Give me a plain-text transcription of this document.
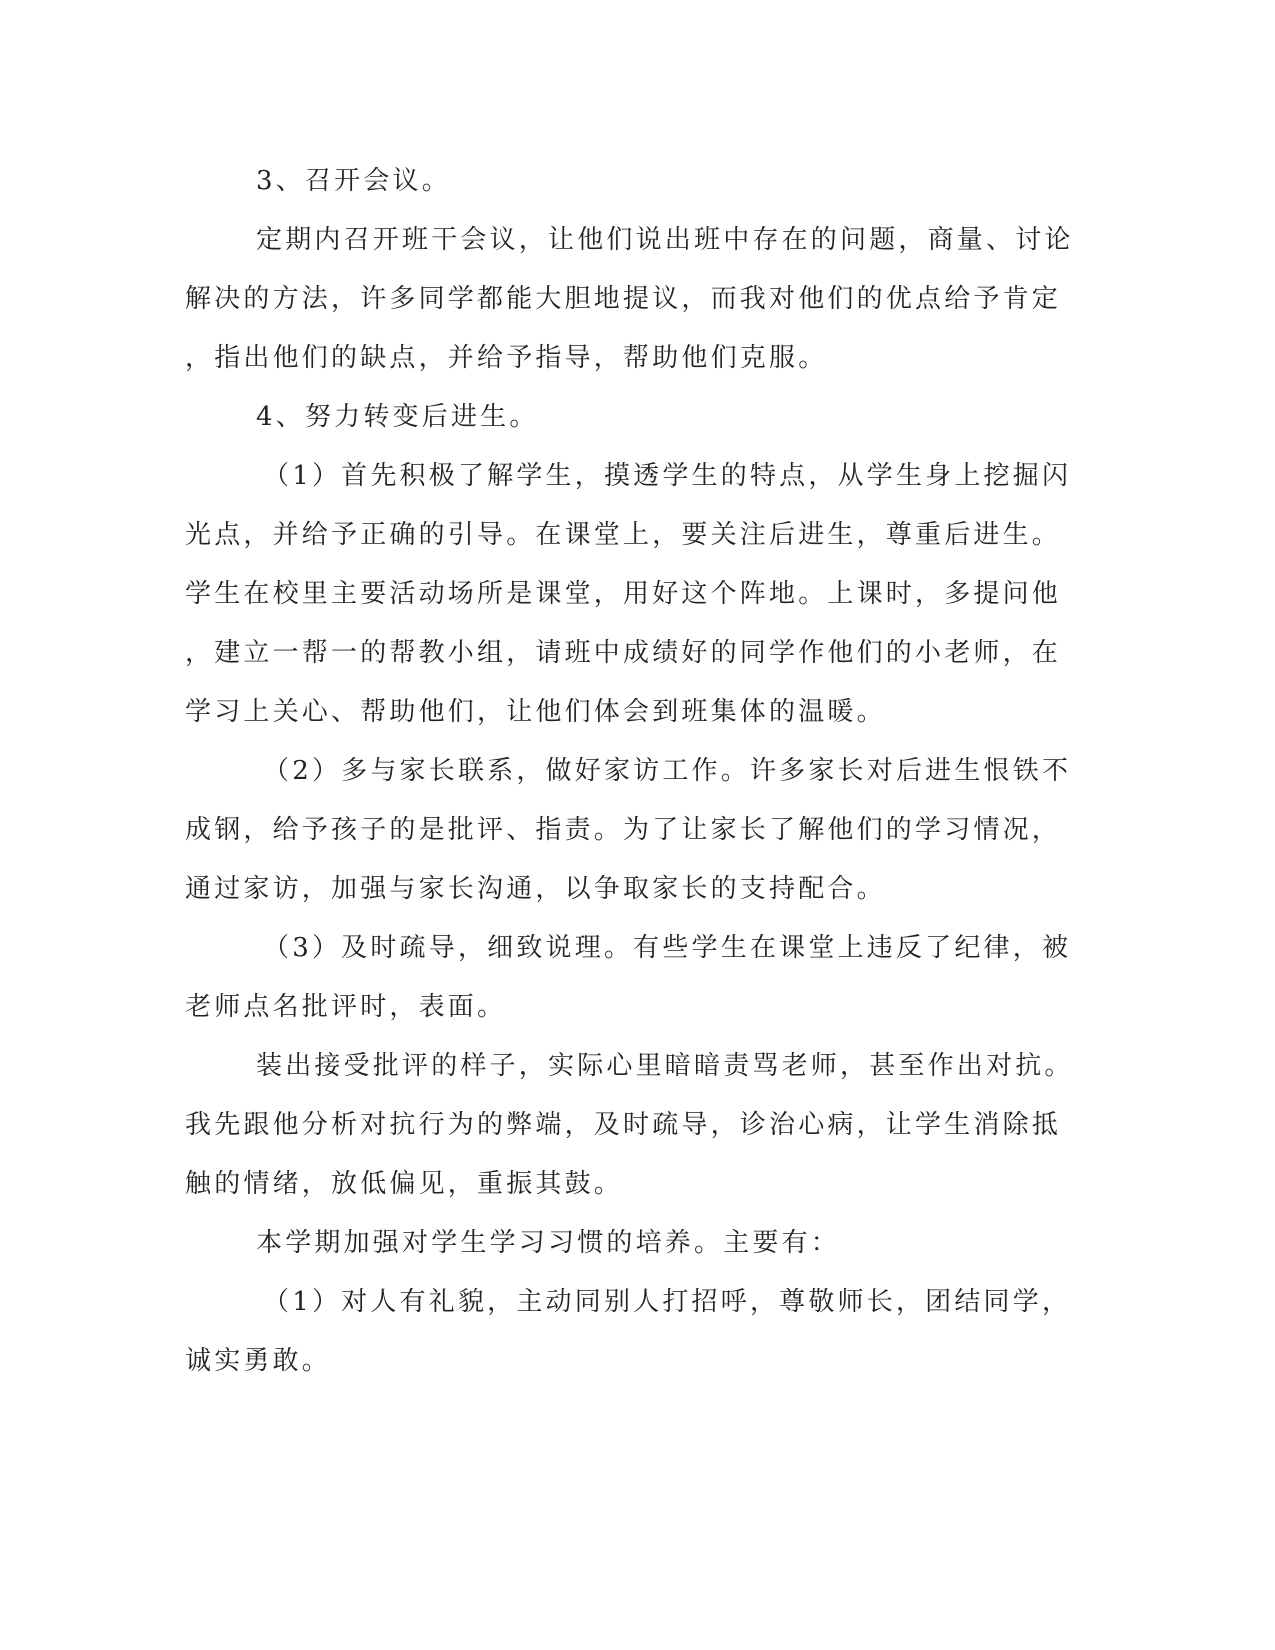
3、召开会议。
定期内召开班干会议，让他们说出班中存在的问题，商量、讨论
解决的方法，许多同学都能大胆地提议，而我对他们的优点给予肯定
，指出他们的缺点，并给予指导，帮助他们克服。
4、努力转变后进生。
（1）首先积极了解学生，摸透学生的特点，从学生身上挖掘闪
光点，并给予正确的引导。在课堂上，要关注后进生，尊重后进生。
学生在校里主要活动场所是课堂，用好这个阵地。上课时，多提问他
，建立一帮一的帮教小组，请班中成绩好的同学作他们的小老师，在
学习上关心、帮助他们，让他们体会到班集体的温暖。
（2）多与家长联系，做好家访工作。许多家长对后进生恨铁不
成钢，给予孩子的是批评、指责。为了让家长了解他们的学习情况，
通过家访，加强与家长沟通，以争取家长的支持配合。
（3）及时疏导，细致说理。有些学生在课堂上违反了纪律，被
老师点名批评时，表面。
装出接受批评的样子，实际心里暗暗责骂老师，甚至作出对抗。
我先跟他分析对抗行为的弊端，及时疏导，诊治心病，让学生消除抵
触的情绪，放低偏见，重振其鼓。
本学期加强对学生学习习惯的培养。主要有：
（1）对人有礼貌，主动同别人打招呼，尊敬师长，团结同学，
诚实勇敢。
